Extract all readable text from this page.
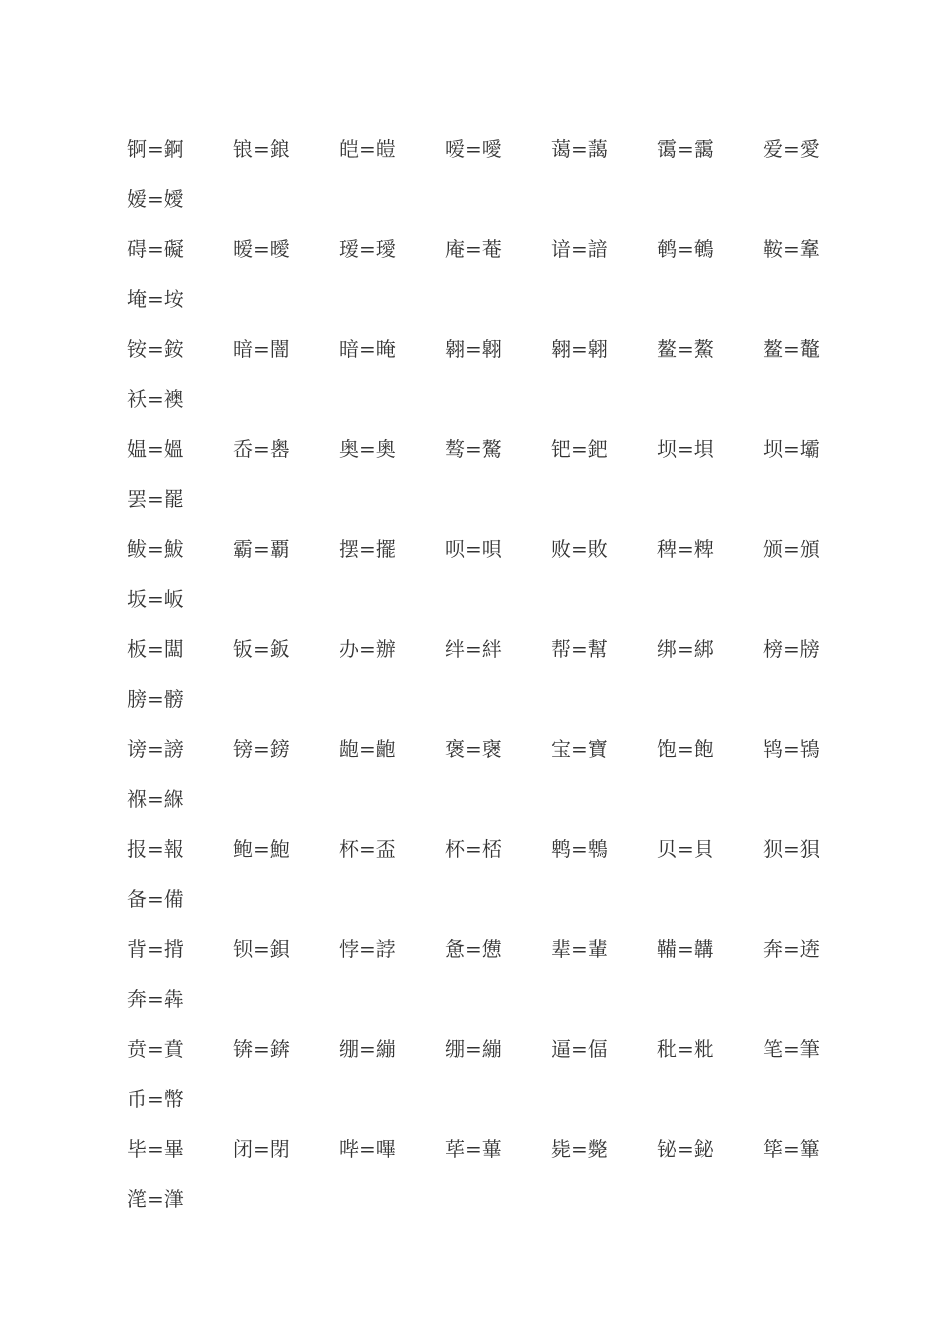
锕=錒	锒=鋃	皑=皚	嗳=噯	蔼=藹	霭=靄	爱=愛
嫒=嬡
碍=礙	暧=曖	瑷=璦	庵=菴	谙=諳	鹌=鵪	鞍=鞌
埯=垵
铵=銨	暗=闇	暗=晻	翱=翺	翱=翶	鳌=鰲	鳌=鼇
袄=襖
媪=媼	岙=嶴	奥=奧	骜=驁	钯=鈀	坝=垻	坝=壩
罢=罷
鲅=鮁	霸=覇	摆=擺	呗=唄	败=敗	稗=粺	颁=頒
坂=岅
板=闆	钣=鈑	办=辦	绊=絆	帮=幫	绑=綁	榜=牓
膀=髈
谤=謗	镑=鎊	龅=齙	褒=襃	宝=寶	饱=飽	鸨=鴇
褓=緥
报=報	鲍=鮑	杯=盃	杯=桮	鹎=鵯	贝=貝	狈=狽
备=備
背=揹	钡=鋇	悖=誖	惫=憊	辈=輩	鞴=韝	奔=逩
奔=犇
贲=賁	锛=錛	绷=繃	绷=繃	逼=偪	秕=粃	笔=筆
币=幣
毕=畢	闭=閉	哔=嗶	荜=蓽	毙=斃	铋=鉍	筚=篳
滗=潷
